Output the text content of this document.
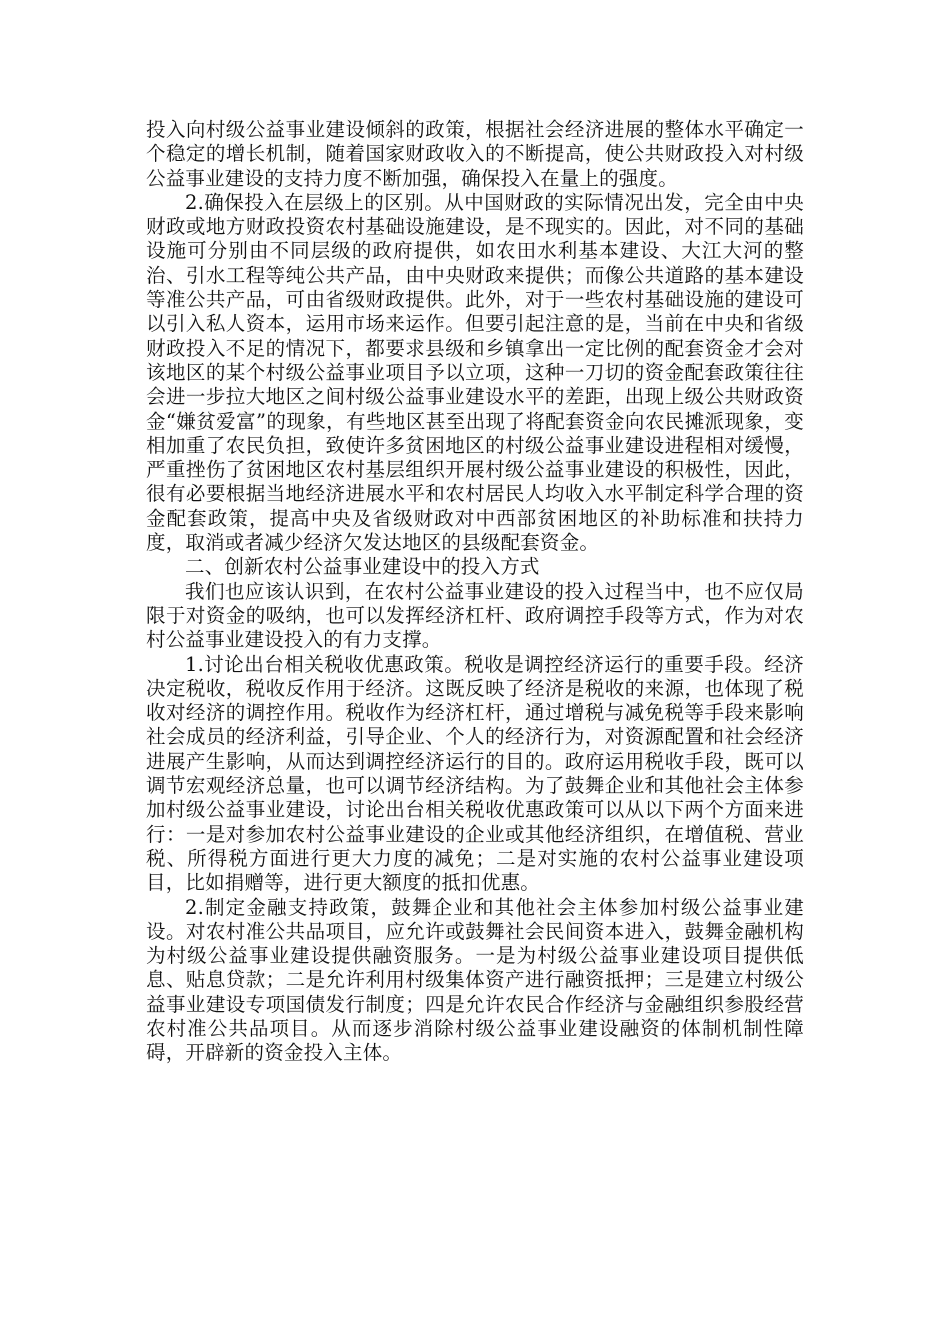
投入向村级公益事业建设倾斜的政策，根据社会经济进展的整体水平确定一个稳定的增长机制，随着国家财政收入的不断提高，使公共财政投入对村级公益事业建设的支持力度不断加强，确保投入在量上的强度。

2.确保投入在层级上的区别。从中国财政的实际情况出发，完全由中央财政或地方财政投资农村基础设施建设，是不现实的。因此，对不同的基础设施可分别由不同层级的政府提供，如农田水利基本建设、大江大河的整治、引水工程等纯公共产品，由中央财政来提供；而像公共道路的基本建设等准公共产品，可由省级财政提供。此外，对于一些农村基础设施的建设可以引入私人资本，运用市场来运作。但要引起注意的是，当前在中央和省级财政投入不足的情况下，都要求县级和乡镇拿出一定比例的配套资金才会对该地区的某个村级公益事业项目予以立项，这种一刀切的资金配套政策往往会进一步拉大地区之间村级公益事业建设水平的差距，出现上级公共财政资金“嫌贫爱富”的现象，有些地区甚至出现了将配套资金向农民摊派现象，变相加重了农民负担，致使许多贫困地区的村级公益事业建设进程相对缓慢，严重挫伤了贫困地区农村基层组织开展村级公益事业建设的积极性，因此，很有必要根据当地经济进展水平和农村居民人均收入水平制定科学合理的资金配套政策，提高中央及省级财政对中西部贫困地区的补助标准和扶持力度，取消或者减少经济欠发达地区的县级配套资金。

二、创新农村公益事业建设中的投入方式

我们也应该认识到，在农村公益事业建设的投入过程当中，也不应仅局限于对资金的吸纳，也可以发挥经济杠杆、政府调控手段等方式，作为对农村公益事业建设投入的有力支撑。

1.讨论出台相关税收优惠政策。税收是调控经济运行的重要手段。经济决定税收，税收反作用于经济。这既反映了经济是税收的来源，也体现了税收对经济的调控作用。税收作为经济杠杆，通过增税与减免税等手段来影响社会成员的经济利益，引导企业、个人的经济行为，对资源配置和社会经济进展产生影响，从而达到调控经济运行的目的。政府运用税收手段，既可以调节宏观经济总量，也可以调节经济结构。为了鼓舞企业和其他社会主体参加村级公益事业建设，讨论出台相关税收优惠政策可以从以下两个方面来进行：一是对参加农村公益事业建设的企业或其他经济组织，在增值税、营业税、所得税方面进行更大力度的减免；二是对实施的农村公益事业建设项目，比如捐赠等，进行更大额度的抵扣优惠。

2.制定金融支持政策，鼓舞企业和其他社会主体参加村级公益事业建设。对农村准公共品项目，应允许或鼓舞社会民间资本进入，鼓舞金融机构为村级公益事业建设提供融资服务。一是为村级公益事业建设项目提供低息、贴息贷款；二是允许利用村级集体资产进行融资抵押；三是建立村级公益事业建设专项国债发行制度；四是允许农民合作经济与金融组织参股经营农村准公共品项目。从而逐步消除村级公益事业建设融资的体制机制性障碍，开辟新的资金投入主体。
